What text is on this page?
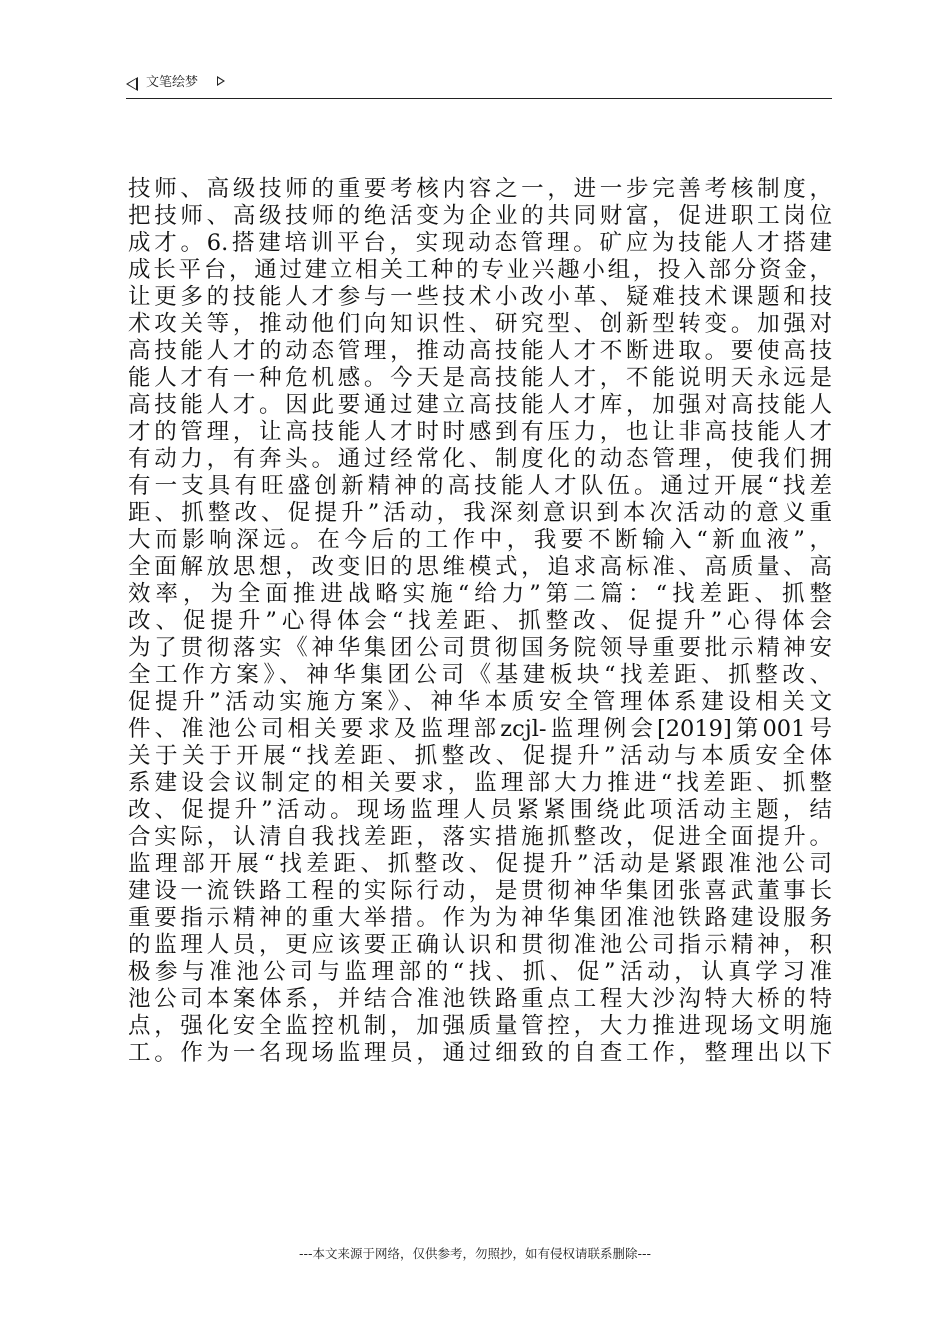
文笔绘梦
技师、高级技师的重要考核内容之一，进一步完善考核制度，
把技师、高级技师的绝活变为企业的共同财富，促进职工岗位
成才。6.搭建培训平台，实现动态管理。矿应为技能人才搭建
成长平台，通过建立相关工种的专业兴趣小组，投入部分资金，
让更多的技能人才参与一些技术小改小革、疑难技术课题和技
术攻关等，推动他们向知识性、研究型、创新型转变。加强对
高技能人才的动态管理，推动高技能人才不断进取。要使高技
能人才有一种危机感。今天是高技能人才，不能说明天永远是
高技能人才。因此要通过建立高技能人才库，加强对高技能人
才的管理，让高技能人才时时感到有压力，也让非高技能人才
有动力，有奔头。通过经常化、制度化的动态管理，使我们拥
有一支具有旺盛创新精神的高技能人才队伍。通过开展“找差
距、抓整改、促提升”活动，我深刻意识到本次活动的意义重
大而影响深远。在今后的工作中，我要不断输入“新血液”，
全面解放思想，改变旧的思维模式，追求高标准、高质量、高
效率，为全面推进战略实施“给力”第二篇：“找差距、抓整
改、促提升”心得体会“找差距、抓整改、促提升”心得体会
为了贯彻落实《神华集团公司贯彻国务院领导重要批示精神安
全工作方案》、神华集团公司《基建板块“找差距、抓整改、
促提升”活动实施方案》、神华本质安全管理体系建设相关文
件、准池公司相关要求及监理部zcjl-监理例会[2019]第001号
关于关于开展“找差距、抓整改、促提升”活动与本质安全体
系建设会议制定的相关要求，监理部大力推进“找差距、抓整
改、促提升”活动。现场监理人员紧紧围绕此项活动主题，结
合实际，认清自我找差距，落实措施抓整改，促进全面提升。
监理部开展“找差距、抓整改、促提升”活动是紧跟准池公司
建设一流铁路工程的实际行动，是贯彻神华集团张喜武董事长
重要指示精神的重大举措。作为为神华集团准池铁路建设服务
的监理人员，更应该要正确认识和贯彻准池公司指示精神，积
极参与准池公司与监理部的“找、抓、促”活动，认真学习准
池公司本案体系，并结合准池铁路重点工程大沙沟特大桥的特
点，强化安全监控机制，加强质量管控，大力推进现场文明施
工。作为一名现场监理员，通过细致的自查工作，整理出以下
---本文来源于网络，仅供参考，勿照抄，如有侵权请联系删除---
